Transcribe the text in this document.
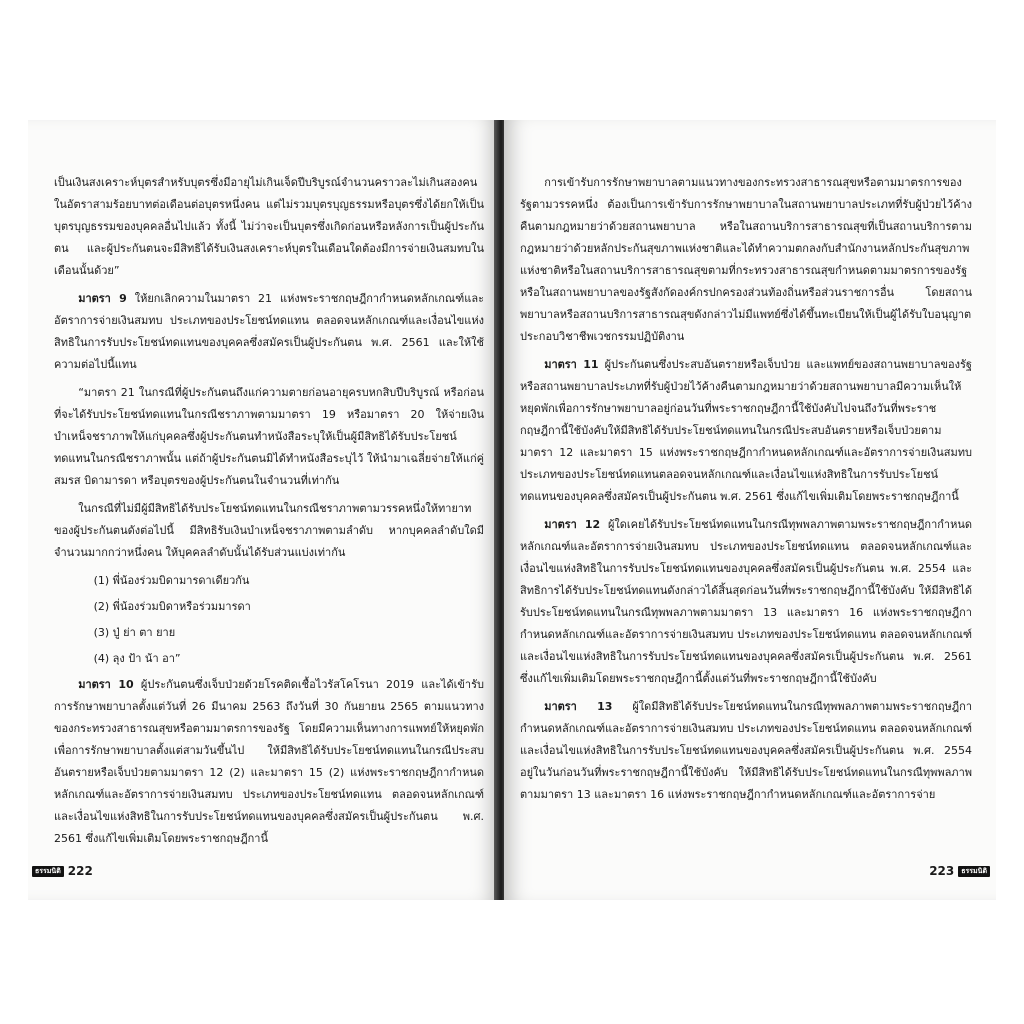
เป็นเงินสงเคราะห์บุตรสำหรับบุตรซึ่งมีอายุไม่เกินเจ็ดปีบริบูรณ์จำนวนคราวละไม่เกินสองคน ในอัตราสามร้อยบาทต่อเดือนต่อบุตรหนึ่งคน แต่ไม่รวมบุตรบุญธรรมหรือบุตรซึ่งได้ยกให้เป็นบุตรบุญธรรมของบุคคลอื่นไปแล้ว ทั้งนี้ ไม่ว่าจะเป็นบุตรซึ่งเกิดก่อนหรือหลังการเป็นผู้ประกันตน และผู้ประกันตนจะมีสิทธิได้รับเงินสงเคราะห์บุตรในเดือนใดต้องมีการจ่ายเงินสมทบในเดือนนั้นด้วย”

มาตรา 9 ให้ยกเลิกความในมาตรา 21 แห่งพระราชกฤษฎีกากำหนดหลักเกณฑ์และอัตราการจ่ายเงินสมทบ ประเภทของประโยชน์ทดแทน ตลอดจนหลักเกณฑ์และเงื่อนไขแห่งสิทธิในการรับประโยชน์ทดแทนของบุคคลซึ่งสมัครเป็นผู้ประกันตน พ.ศ. 2561 และให้ใช้ความต่อไปนี้แทน

“มาตรา 21 ในกรณีที่ผู้ประกันตนถึงแก่ความตายก่อนอายุครบหกสิบปีบริบูรณ์ หรือก่อนที่จะได้รับประโยชน์ทดแทนในกรณีชราภาพตามมาตรา 19 หรือมาตรา 20 ให้จ่ายเงินบำเหน็จชราภาพให้แก่บุคคลซึ่งผู้ประกันตนทำหนังสือระบุให้เป็นผู้มีสิทธิได้รับประโยชน์ทดแทนในกรณีชราภาพนั้น แต่ถ้าผู้ประกันตนมิได้ทำหนังสือระบุไว้ ให้นำมาเฉลี่ยจ่ายให้แก่คู่สมรส บิดามารดา หรือบุตรของผู้ประกันตนในจำนวนที่เท่ากัน

ในกรณีที่ไม่มีผู้มีสิทธิได้รับประโยชน์ทดแทนในกรณีชราภาพตามวรรคหนึ่งให้ทายาทของผู้ประกันตนดังต่อไปนี้ มีสิทธิรับเงินบำเหน็จชราภาพตามลำดับ หากบุคคลลำดับใดมีจำนวนมากกว่าหนึ่งคน ให้บุคคลลำดับนั้นได้รับส่วนแบ่งเท่ากัน

(1) พี่น้องร่วมบิดามารดาเดียวกัน

(2) พี่น้องร่วมบิดาหรือร่วมมารดา

(3) ปู่ ย่า ตา ยาย

(4) ลุง ป้า น้า อา”

มาตรา 10 ผู้ประกันตนซึ่งเจ็บป่วยด้วยโรคติดเชื้อไวรัสโคโรนา 2019 และได้เข้ารับการรักษาพยาบาลตั้งแต่วันที่ 26 มีนาคม 2563 ถึงวันที่ 30 กันยายน 2565 ตามแนวทางของกระทรวงสาธารณสุขหรือตามมาตรการของรัฐ โดยมีความเห็นทางการแพทย์ให้หยุดพักเพื่อการรักษาพยาบาลตั้งแต่สามวันขึ้นไป ให้มีสิทธิได้รับประโยชน์ทดแทนในกรณีประสบอันตรายหรือเจ็บป่วยตามมาตรา 12 (2) และมาตรา 15 (2) แห่งพระราชกฤษฎีกากำหนดหลักเกณฑ์และอัตราการจ่ายเงินสมทบ ประเภทของประโยชน์ทดแทน ตลอดจนหลักเกณฑ์และเงื่อนไขแห่งสิทธิในการรับประโยชน์ทดแทนของบุคคลซึ่งสมัครเป็นผู้ประกันตน พ.ศ. 2561 ซึ่งแก้ไขเพิ่มเติมโดยพระราชกฤษฎีกานี้

ธรรมนิติ 222

การเข้ารับการรักษาพยาบาลตามแนวทางของกระทรวงสาธารณสุขหรือตามมาตรการของรัฐตามวรรคหนึ่ง ต้องเป็นการเข้ารับการรักษาพยาบาลในสถานพยาบาลประเภทที่รับผู้ป่วยไว้ค้างคืนตามกฎหมายว่าด้วยสถานพยาบาล หรือในสถานบริการสาธารณสุขที่เป็นสถานบริการตามกฎหมายว่าด้วยหลักประกันสุขภาพแห่งชาติและได้ทำความตกลงกับสำนักงานหลักประกันสุขภาพแห่งชาติหรือในสถานบริการสาธารณสุขตามที่กระทรวงสาธารณสุขกำหนดตามมาตรการของรัฐ หรือในสถานพยาบาลของรัฐสังกัดองค์กรปกครองส่วนท้องถิ่นหรือส่วนราชการอื่น โดยสถานพยาบาลหรือสถานบริการสาธารณสุขดังกล่าวไม่มีแพทย์ซึ่งได้ขึ้นทะเบียนให้เป็นผู้ได้รับใบอนุญาตประกอบวิชาชีพเวชกรรมปฏิบัติงาน

มาตรา 11 ผู้ประกันตนซึ่งประสบอันตรายหรือเจ็บป่วย และแพทย์ของสถานพยาบาลของรัฐหรือสถานพยาบาลประเภทที่รับผู้ป่วยไว้ค้างคืนตามกฎหมายว่าด้วยสถานพยาบาลมีความเห็นให้หยุดพักเพื่อการรักษาพยาบาลอยู่ก่อนวันที่พระราชกฤษฎีกานี้ใช้บังคับไปจนถึงวันที่พระราชกฤษฎีกานี้ใช้บังคับให้มีสิทธิได้รับประโยชน์ทดแทนในกรณีประสบอันตรายหรือเจ็บป่วยตามมาตรา 12 และมาตรา 15 แห่งพระราชกฤษฎีกากำหนดหลักเกณฑ์และอัตราการจ่ายเงินสมทบ ประเภทของประโยชน์ทดแทนตลอดจนหลักเกณฑ์และเงื่อนไขแห่งสิทธิในการรับประโยชน์ทดแทนของบุคคลซึ่งสมัครเป็นผู้ประกันตน พ.ศ. 2561 ซึ่งแก้ไขเพิ่มเติมโดยพระราชกฤษฎีกานี้

มาตรา 12 ผู้ใดเคยได้รับประโยชน์ทดแทนในกรณีทุพพลภาพตามพระราชกฤษฎีกากำหนดหลักเกณฑ์และอัตราการจ่ายเงินสมทบ ประเภทของประโยชน์ทดแทน ตลอดจนหลักเกณฑ์และเงื่อนไขแห่งสิทธิในการรับประโยชน์ทดแทนของบุคคลซึ่งสมัครเป็นผู้ประกันตน พ.ศ. 2554 และสิทธิการได้รับประโยชน์ทดแทนดังกล่าวได้สิ้นสุดก่อนวันที่พระราชกฤษฎีกานี้ใช้บังคับ ให้มีสิทธิได้รับประโยชน์ทดแทนในกรณีทุพพลภาพตามมาตรา 13 และมาตรา 16 แห่งพระราชกฤษฎีกากำหนดหลักเกณฑ์และอัตราการจ่ายเงินสมทบ ประเภทของประโยชน์ทดแทน ตลอดจนหลักเกณฑ์และเงื่อนไขแห่งสิทธิในการรับประโยชน์ทดแทนของบุคคลซึ่งสมัครเป็นผู้ประกันตน พ.ศ. 2561 ซึ่งแก้ไขเพิ่มเติมโดยพระราชกฤษฎีกานี้ตั้งแต่วันที่พระราชกฤษฎีกานี้ใช้บังคับ

มาตรา 13 ผู้ใดมีสิทธิได้รับประโยชน์ทดแทนในกรณีทุพพลภาพตามพระราชกฤษฎีกากำหนดหลักเกณฑ์และอัตราการจ่ายเงินสมทบ ประเภทของประโยชน์ทดแทน ตลอดจนหลักเกณฑ์และเงื่อนไขแห่งสิทธิในการรับประโยชน์ทดแทนของบุคคลซึ่งสมัครเป็นผู้ประกันตน พ.ศ. 2554 อยู่ในวันก่อนวันที่พระราชกฤษฎีกานี้ใช้บังคับ ให้มีสิทธิได้รับประโยชน์ทดแทนในกรณีทุพพลภาพตามมาตรา 13 และมาตรา 16 แห่งพระราชกฤษฎีกากำหนดหลักเกณฑ์และอัตราการจ่าย

223	ธรรมนิติ
